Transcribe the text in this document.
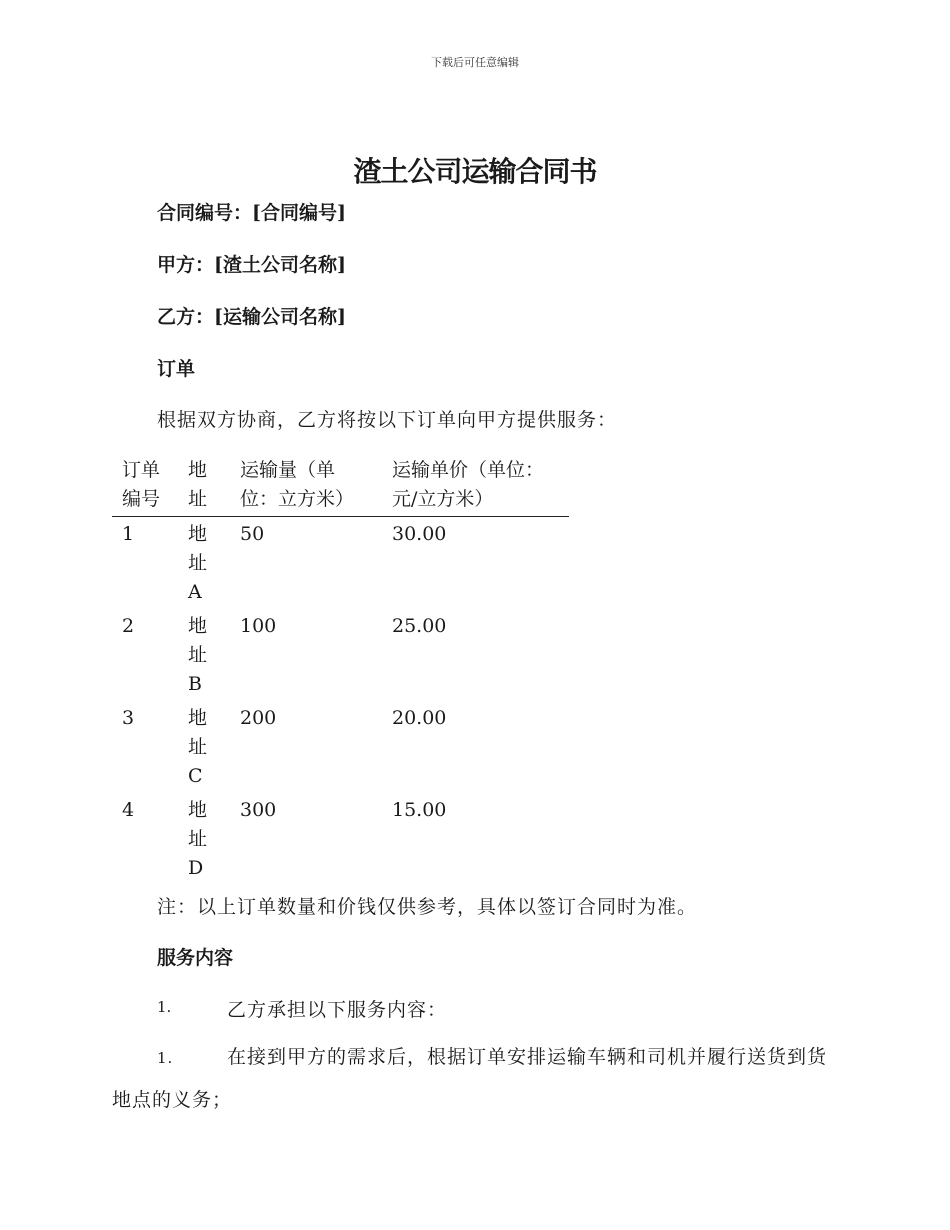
下载后可任意编辑
渣土公司运输合同书
合同编号：[合同编号]
甲方：[渣土公司名称]
乙方：[运输公司名称]
订单
根据双方协商，乙方将按以下订单向甲方提供服务：
订单编号	地址	运输量（单位：立方米）	运输单价（单位：元/立方米）
1	地址A	50	30.00
2	地址B	100	25.00
3	地址C	200	20.00
4	地址D	300	15.00
注：以上订单数量和价钱仅供参考，具体以签订合同时为准。
服务内容
1.	乙方承担以下服务内容：
1.	在接到甲方的需求后，根据订单安排运输车辆和司机并履行送货到货地点的义务；
